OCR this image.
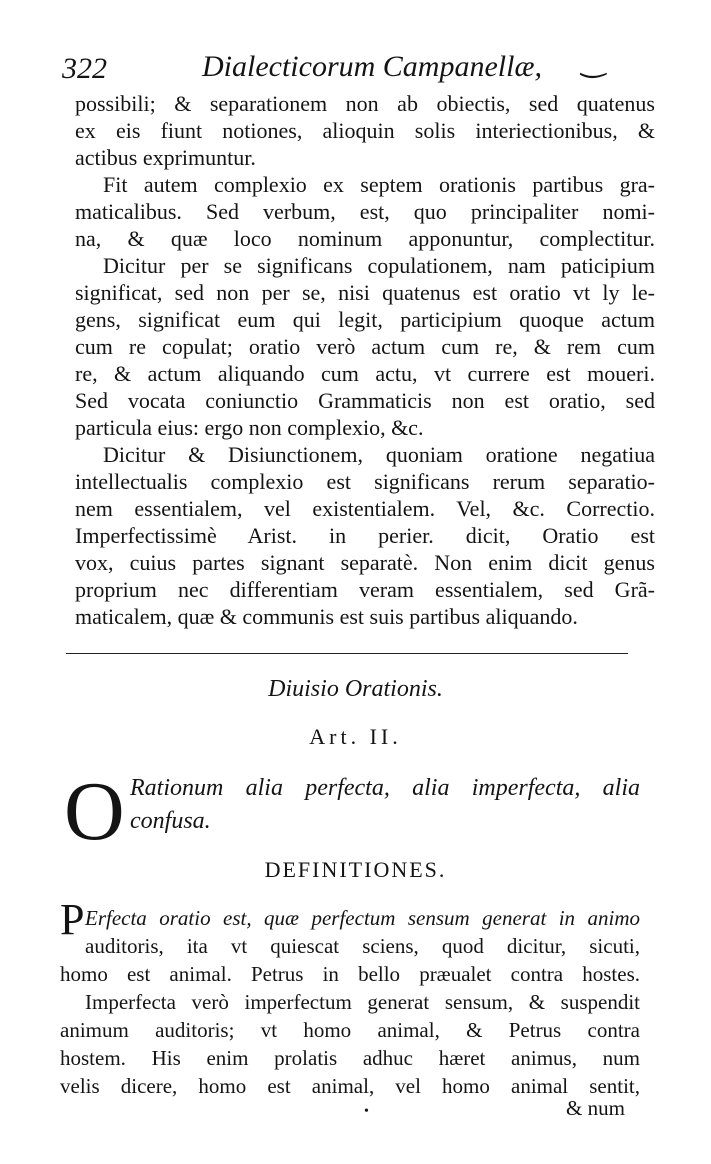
322	Dialecticorum Campanellæ, ‿
possibili; & separationem non ab obiectis, sed quatenus
ex eis fiunt notiones, alioquin solis interiectionibus, &
actibus exprimuntur.
Fit autem complexio ex septem orationis partibus gra-
maticalibus. Sed verbum, est, quo principaliter nomi-
na, & quæ loco nominum apponuntur, complectitur.
Dicitur per se significans copulationem, nam paticipium
significat, sed non per se, nisi quatenus est oratio vt ly le-
gens, significat eum qui legit, participium quoque actum
cum re copulat; oratio verò actum cum re, & rem cum
re, & actum aliquando cum actu, vt currere est moueri.
Sed vocata coniunctio Grammaticis non est oratio, sed
particula eius: ergo non complexio, &c.
Dicitur & Disiunctionem, quoniam oratione negatiua
intellectualis complexio est significans rerum separatio-
nem essentialem, vel existentialem. Vel, &c. Correctio.
Imperfectissimè Arist. in perier. dicit, Oratio est
vox, cuius partes signant separatè. Non enim dicit genus
proprium nec differentiam veram essentialem, sed Grã-
maticalem, quæ & communis est suis partibus aliquando.
Diuisio Orationis.
Art. II.
O Rationum alia perfecta, alia imperfecta, alia
confusa.
DEFINITIONES.
P Erfecta oratio est, quæ perfectum sensum generat in animo
auditoris, ita vt quiescat sciens, quod dicitur, sicuti,
homo est animal. Petrus in bello præualet contra hostes.
Imperfecta verò imperfectum generat sensum, & suspendit
animum auditoris; vt homo animal, & Petrus contra
hostem. His enim prolatis adhuc hæret animus, num
velis dicere, homo est animal, vel homo animal sentit,
•	& num
